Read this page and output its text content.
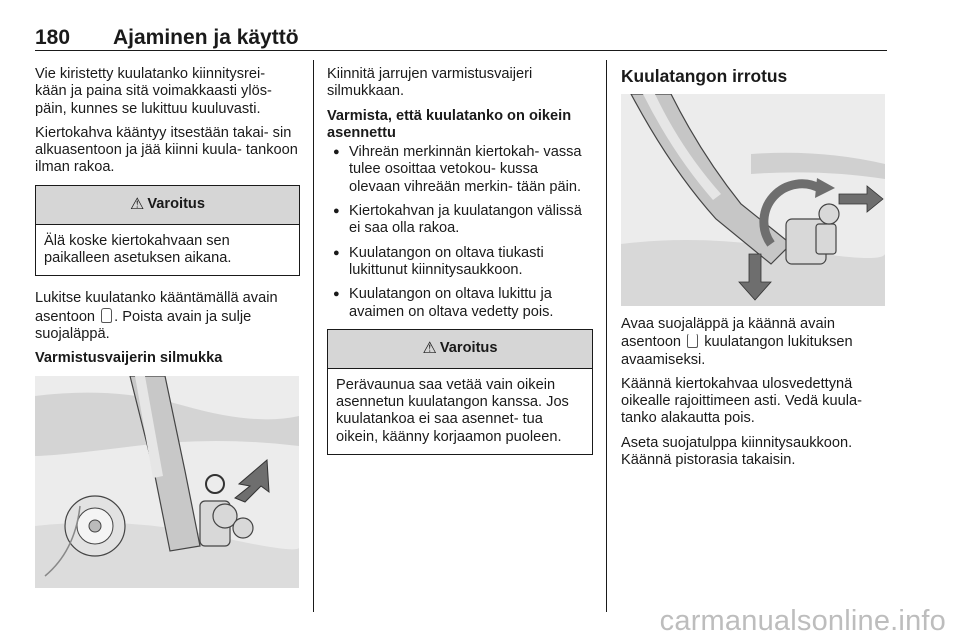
180 Ajaminen ja käyttö

Vie kiristetty kuulatanko kiinnitysrei- kään ja paina sitä voimakkaasti ylös- päin, kunnes se lukittuu kuuluvasti.

Kiertokahva kääntyy itsestään takai- sin alkuasentoon ja jää kiinni kuula- tankoon ilman rakoa.

⚠ Varoitus
Älä koske kiertokahvaan sen paikalleen asetuksen aikana.

Lukitse kuulatanko kääntämällä avain asentoon . Poista avain ja sulje suojaläppä.

Varmistusvaijerin silmukka

Kiinnitä jarrujen varmistusvaijeri silmukkaan.

Varmista, että kuulatanko on oikein asennettu

● Vihreän merkinnän kiertokah- vassa tulee osoittaa vetokou- kussa olevaan vihreään merkin- tään päin.
● Kiertokahvan ja kuulatangon välissä ei saa olla rakoa.
● Kuulatangon on oltava tiukasti lukittunut kiinnitysaukkoon.
● Kuulatangon on oltava lukittu ja avaimen on oltava vedetty pois.
⚠ Varoitus
Perävaunua saa vetää vain oikein asennetun kuulatangon kanssa. Jos kuulatankoa ei saa asennet- tua oikein, käänny korjaamon puoleen.

Kuulatangon irrotus

Avaa suojaläppä ja käännä avain asentoon kuulatangon lukituksen avaamiseksi.

Käännä kiertokahvaa ulosvedettynä oikealle rajoittimeen asti. Vedä kuula- tanko alakautta pois.

Aseta suojatulppa kiinnitysaukkoon. Käännä pistorasia takaisin.

carmanualsonline.info
